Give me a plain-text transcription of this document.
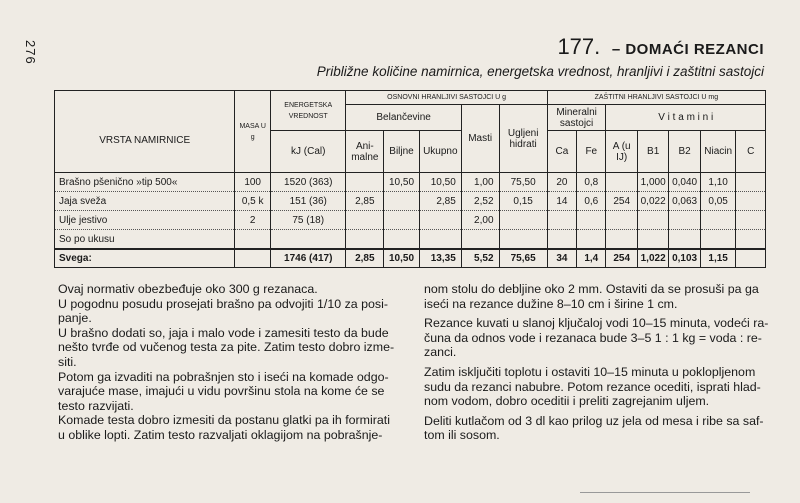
276	177. – DOMAĆI REZANCI
Približne količine namirnica, energetska vrednost, hranljivi i zaštitni sastojci
VRSTA NAMIRNICE	MASA U g	ENERGETSKA VREDNOST	OSNOVNI HRANLJIVI SASTOJCI U g					ZAŠTITNI HRANLJIVI SASTOJCI U mg						
			Belančevine			Masti	Ugljeni hidrati	Mineralni sastojci		V i t a m i n i				
		kJ (Cal)	Ani- malne	Biljne	Ukupno			Ca	Fe	A (u IJ)	B1	B2	Niacin	C
Brašno pšenično »tip 500«	100	1520 (363)		10,50	10,50	1,00	75,50	20	0,8		1,000	0,040	1,10	
Jaja sveža	0,5 k	151 (36)	2,85		2,85	2,52	0,15	14	0,6	254	0,022	0,063	0,05	
Ulje jestivo	2	75 (18)				2,00								
So po ukusu														
Svega:		1746 (417)	2,85	10,50	13,35	5,52	75,65	34	1,4	254	1,022	0,103	1,15	

Ovaj normativ obezbeđuje oko 300 g rezanaca.

U pogodnu posudu prosejati brašno pa odvojiti 1/10 za posi-

panje.

U brašno dodati so, jaja i malo vode i zamesiti testo da bude

nešto tvrđe od vučenog testa za pite. Zatim testo dobro izme-

siti.

Potom ga izvaditi na pobrašnjen sto i iseći na komade odgo-

varajuće mase, imajući u vidu površinu stola na kome će se

testo razvijati.

Komade testa dobro izmesiti da postanu glatki pa ih formirati

u oblike lopti. Zatim testo razvaljati oklagijom na pobrašnje-

nom stolu do debljine oko 2 mm. Ostaviti da se prosuši pa ga

iseći na rezance dužine 8–10 cm i širine 1 cm.

Rezance kuvati u slanoj ključaloj vodi 10–15 minuta, vodeći ra-

čuna da odnos vode i rezanaca bude 3–5 1 : 1 kg = voda : re-

zanci.

Zatim isključiti toplotu i ostaviti 10–15 minuta u poklopljenom

sudu da rezanci nabubre. Potom rezance ocediti, isprati hlad-

nom vodom, dobro oceditiі i preliti zagrejanim uljem.

Deliti kutlačom od 3 dl kao prilog uz jela od mesa i ribe sa saf-

tom ili sosom.
